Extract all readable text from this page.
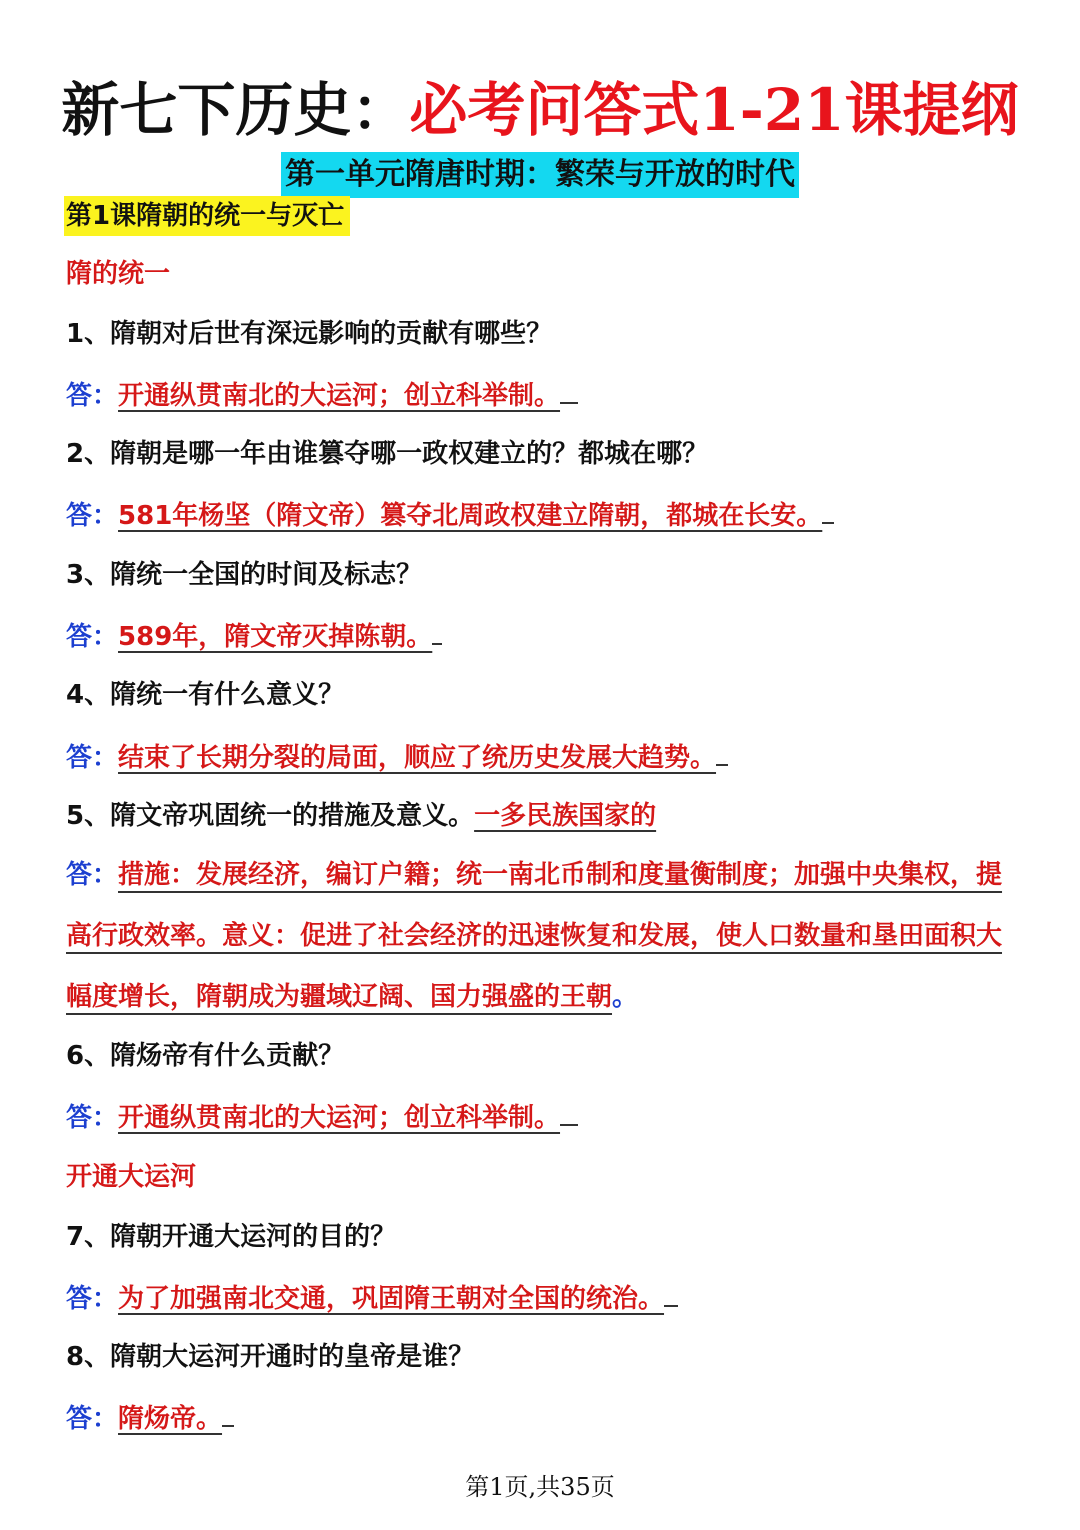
新七下历史：必考问答式1-21课提纲
第一单元隋唐时期：繁荣与开放的时代
第1课隋朝的统一与灭亡
隋的统一
1、隋朝对后世有深远影响的贡献有哪些？
答：开通纵贯南北的大运河；创立科举制。
2、隋朝是哪一年由谁篡夺哪一政权建立的？都城在哪？
答：581年杨坚（隋文帝）篡夺北周政权建立隋朝，都城在长安。
3、隋统一全国的时间及标志？
答：589年，隋文帝灭掉陈朝。
4、隋统一有什么意义？
答：结束了长期分裂的局面，顺应了统历史发展大趋势。
5、隋文帝巩固统一的措施及意义。一多民族国家的
答：措施：发展经济，编订户籍；统一南北币制和度量衡制度；加强中央集权，提高行政效率。意义：促进了社会经济的迅速恢复和发展，使人口数量和垦田面积大幅度增长，隋朝成为疆域辽阔、国力强盛的王朝。
6、隋炀帝有什么贡献？
答：开通纵贯南北的大运河；创立科举制。
开通大运河
7、隋朝开通大运河的目的？
答：为了加强南北交通，巩固隋王朝对全国的统治。
8、隋朝大运河开通时的皇帝是谁？
答：隋炀帝。
第1页,共35页
